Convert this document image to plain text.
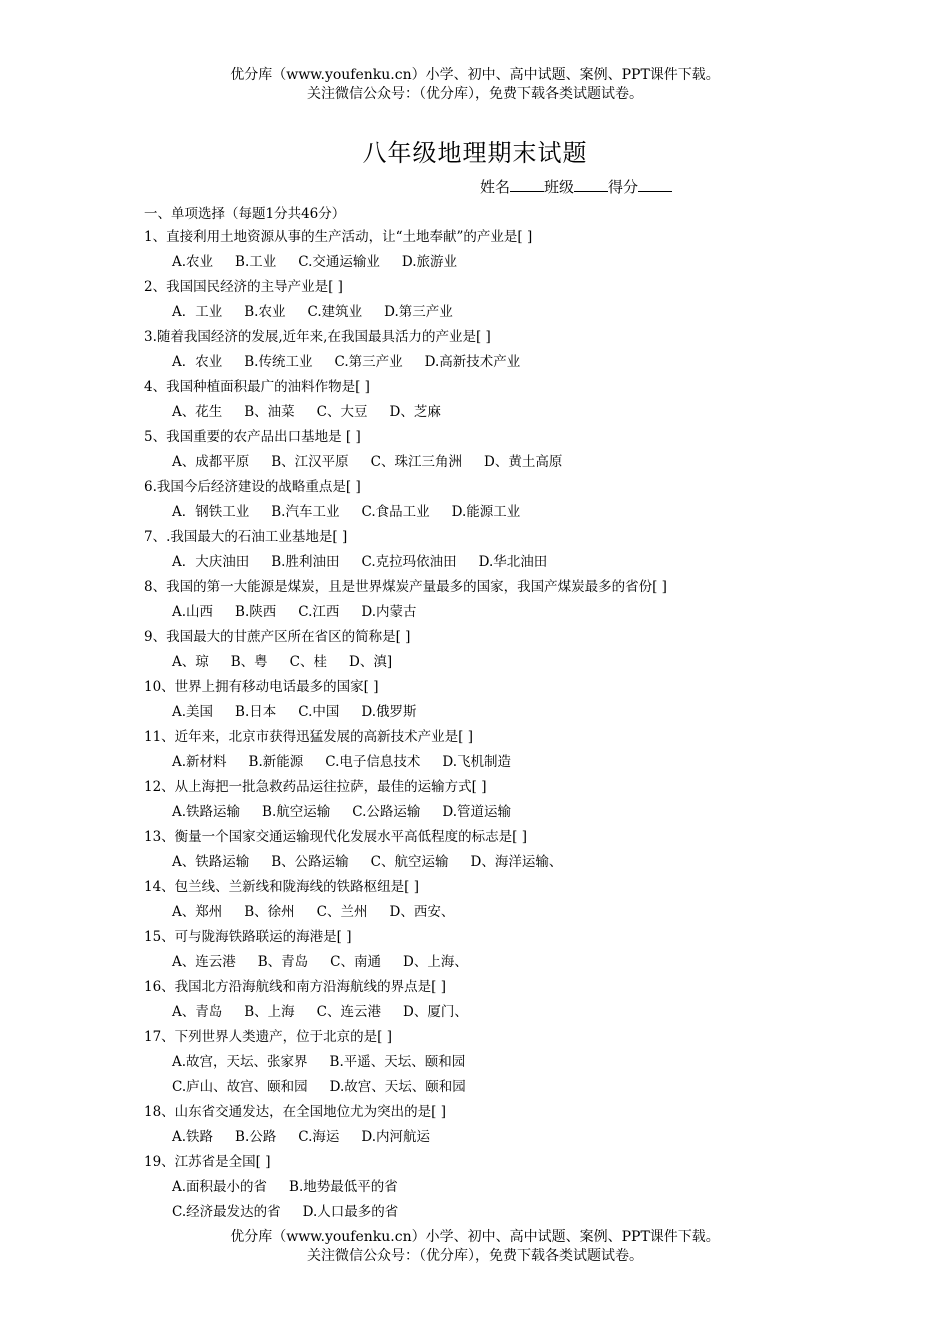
优分库（www.youfenku.cn）小学、初中、高中试题、案例、PPT课件下载。
关注微信公众号：（优分库），免费下载各类试题试卷。
八年级地理期末试题
姓名 班级 得分
一、单项选择（每题1分共46分）
1、直接利用土地资源从事的生产活动，让“土地奉献”的产业是[ ]
A.农业 B.工业 C.交通运输业 D.旅游业
2、我国国民经济的主导产业是[ ]
A．工业 B.农业 C.建筑业 D.第三产业
3.随着我国经济的发展,近年来,在我国最具活力的产业是[ ]
A．农业 B.传统工业 C.第三产业 D.高新技术产业
4、我国种植面积最广的油料作物是[ ]
A、花生 B、油菜 C、大豆 D、芝麻
5、我国重要的农产品出口基地是 [ ]
A、成都平原 B、江汉平原 C、珠江三角洲 D、黄土高原
6.我国今后经济建设的战略重点是[ ]
A．钢铁工业 B.汽车工业 C.食品工业 D.能源工业
7、.我国最大的石油工业基地是[ ]
A．大庆油田 B.胜利油田 C.克拉玛依油田 D.华北油田
8、我国的第一大能源是煤炭，且是世界煤炭产量最多的国家，我国产煤炭最多的省份[ ]
A.山西 B.陕西 C.江西 D.内蒙古
9、我国最大的甘蔗产区所在省区的简称是[ ]
A、琼 B、粤 C、桂 D、滇]
10、世界上拥有移动电话最多的国家[ ]
A.美国 B.日本 C.中国 D.俄罗斯
11、近年来，北京市获得迅猛发展的高新技术产业是[ ]
A.新材料 B.新能源 C.电子信息技术 D.飞机制造
12、从上海把一批急救药品运往拉萨，最佳的运输方式[ ]
A.铁路运输 B.航空运输 C.公路运输 D.管道运输
13、衡量一个国家交通运输现代化发展水平高低程度的标志是[ ]
A、铁路运输 B、公路运输 C、航空运输 D、海洋运输、
14、包兰线、兰新线和陇海线的铁路枢纽是[ ]
A、郑州 B、徐州 C、兰州 D、西安、
15、可与陇海铁路联运的海港是[ ]
A、连云港 B、青岛 C、南通 D、上海、
16、我国北方沿海航线和南方沿海航线的界点是[ ]
A、青岛 B、上海 C、连云港 D、厦门、
17、下列世界人类遗产，位于北京的是[ ]
A.故宫，天坛、张家界 B.平遥、天坛、颐和园
C.庐山、故宫、颐和园 D.故宫、天坛、颐和园
18、山东省交通发达，在全国地位尤为突出的是[ ]
A.铁路 B.公路 C.海运 D.内河航运
19、江苏省是全国[ ]
A.面积最小的省 B.地势最低平的省
C.经济最发达的省 D.人口最多的省
优分库（www.youfenku.cn）小学、初中、高中试题、案例、PPT课件下载。
关注微信公众号：（优分库），免费下载各类试题试卷。
